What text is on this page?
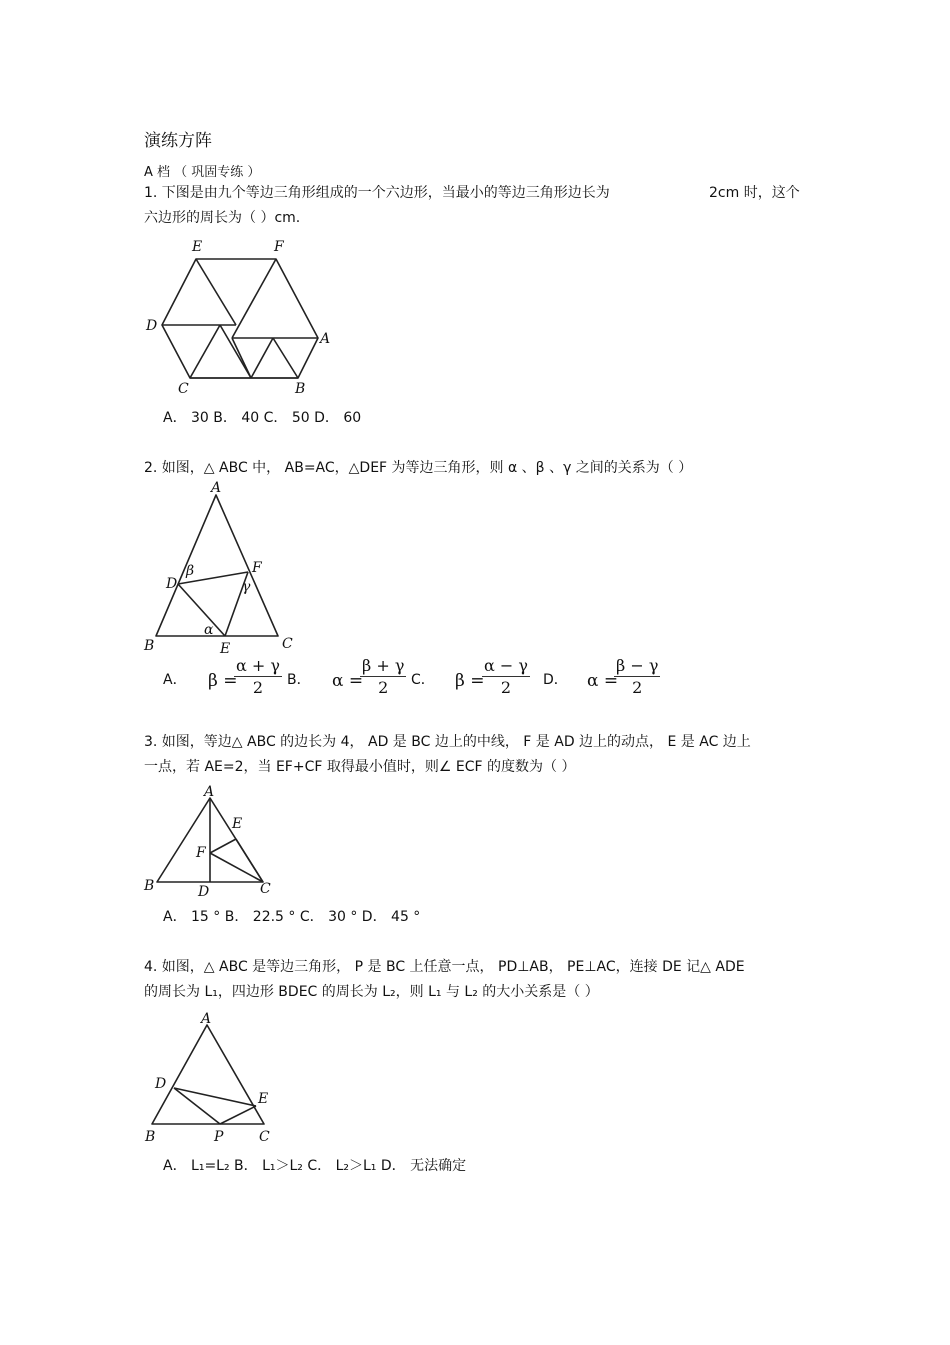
演练方阵
A 档 （ 巩固专练 ）
1. 下图是由九个等边三角形组成的一个六边形，当最小的等边三角形边长为	2cm 时，这个
六边形的周长为（ ）cm.
E	F
D
A
C	B
A． 30 B． 40 C． 50 D． 60
2. 如图，△ ABC 中， AB=AC，△DEF 为等边三角形，则 α 、β 、γ 之间的关系为（ ）
A
B	C
D
E
F
β
γ
α
A． β =
$\frac{\alpha + \gamma}{2}$ B． α =
$\frac{\beta + \gamma}{2}$ C． β =
$\frac{\alpha - \gamma}{2}$ D． α =
$\frac{\beta - \gamma}{2}$
3. 如图，等边△ ABC 的边长为 4， AD 是 BC 边上的中线， F 是 AD 边上的动点， E 是 AC 边上
一点，若 AE=2，当 EF+CF 取得最小值时，则∠ ECF 的度数为（ ）
A
E
F
B	D	C
A． 15 ° B． 22.5 ° C． 30 ° D． 45 °
4. 如图，△ ABC 是等边三角形， P 是 BC 上任意一点， PD⊥AB， PE⊥AC，连接 DE 记△ ADE
的周长为 L₁，四边形 BDEC 的周长为 L₂，则 L₁ 与 L₂ 的大小关系是（ ）
A
D
E
B	P	C
A． L₁=L₂ B． L₁＞L₂ C． L₂＞L₁ D． 无法确定
